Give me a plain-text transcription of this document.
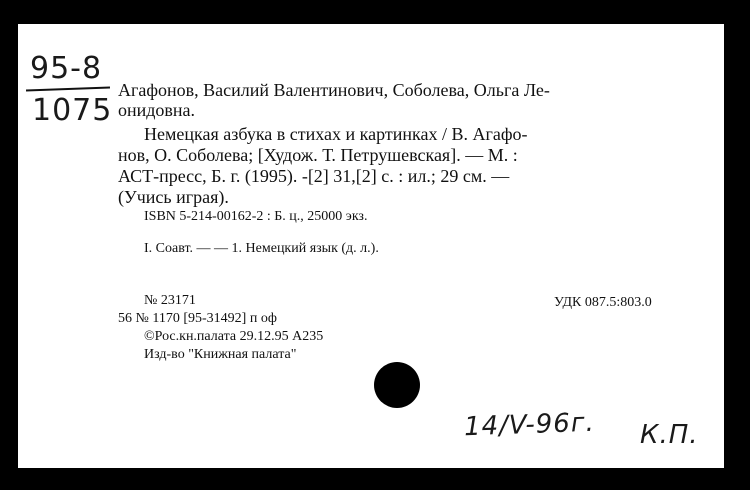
95-8
1075
Агафонов, Василий Валентинович, Соболева, Ольга Ле-
онидовна.
Немецкая азбука в стихах и картинках / В. Агафо-
нов, О. Соболева; [Худож. Т. Петрушевская]. — М. :
АСТ-пресс, Б. г. (1995). -[2] 31,[2] с. : ил.; 29 см. —
(Учись играя).
ISBN 5-214-00162-2 : Б. ц., 25000 экз.
I. Соавт. — — 1. Немецкий язык (д. л.).
№ 23171	УДК 087.5:803.0
56 № 1170 [95-31492] п оф
©Рос.кн.палата 29.12.95 А235
Изд-во "Книжная палата"
14/V-96г. К.П.
